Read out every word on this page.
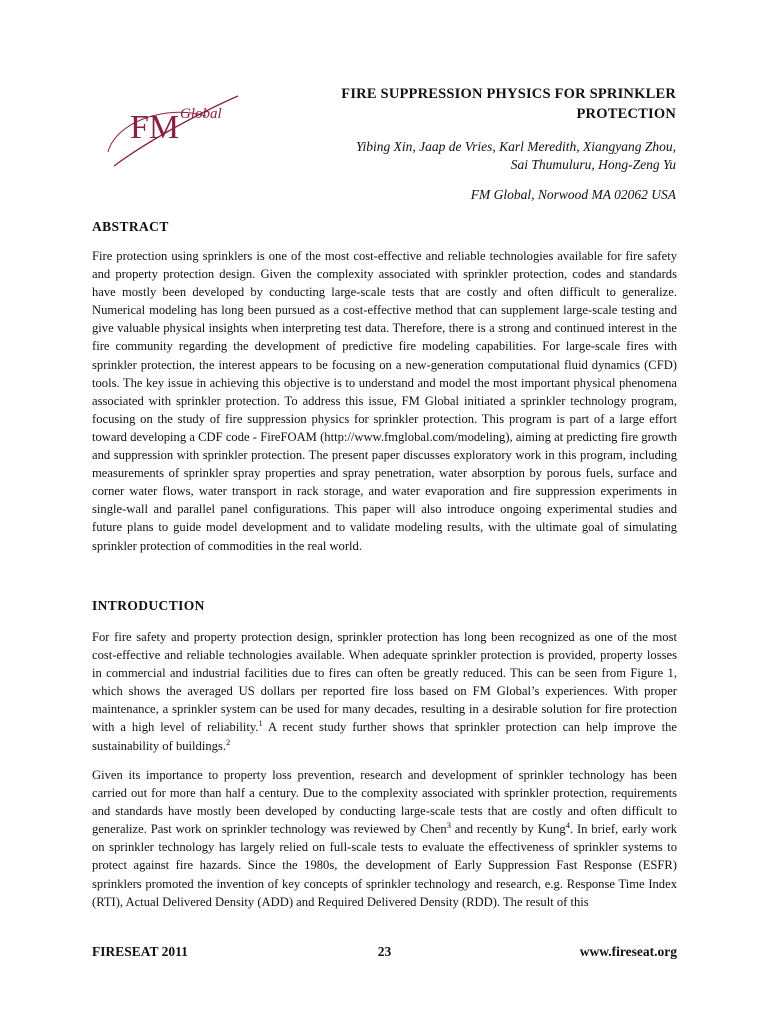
FM Global
FIRE SUPPRESSION PHYSICS FOR SPRINKLER
PROTECTION
Yibing Xin, Jaap de Vries, Karl Meredith, Xiangyang Zhou,
Sai Thumuluru, Hong-Zeng Yu
FM Global, Norwood MA 02062 USA
ABSTRACT

Fire protection using sprinklers is one of the most cost-effective and reliable technologies available for fire safety and property protection design. Given the complexity associated with sprinkler protection, codes and standards have mostly been developed by conducting large-scale tests that are costly and often difficult to generalize. Numerical modeling has long been pursued as a cost-effective method that can supplement large-scale testing and give valuable physical insights when interpreting test data. Therefore, there is a strong and continued interest in the fire community regarding the development of predictive fire modeling capabilities. For large-scale fires with sprinkler protection, the interest appears to be focusing on a new-generation computational fluid dynamics (CFD) tools. The key issue in achieving this objective is to understand and model the most important physical phenomena associated with sprinkler protection. To address this issue, FM Global initiated a sprinkler technology program, focusing on the study of fire suppression physics for sprinkler protection. This program is part of a large effort toward developing a CDF code - FireFOAM (http://www.fmglobal.com/modeling), aiming at predicting fire growth and suppression with sprinkler protection. The present paper discusses exploratory work in this program, including measurements of sprinkler spray properties and spray penetration, water absorption by porous fuels, surface and corner water flows, water transport in rack storage, and water evaporation and fire suppression experiments in single-wall and parallel panel configurations. This paper will also introduce ongoing experimental studies and future plans to guide model development and to validate modeling results, with the ultimate goal of simulating sprinkler protection of commodities in the real world.

INTRODUCTION

For fire safety and property protection design, sprinkler protection has long been recognized as one of the most cost-effective and reliable technologies available. When adequate sprinkler protection is provided, property losses in commercial and industrial facilities due to fires can often be greatly reduced. This can be seen from Figure 1, which shows the averaged US dollars per reported fire loss based on FM Global’s experiences. With proper maintenance, a sprinkler system can be used for many decades, resulting in a desirable solution for fire protection with a high level of reliability.$^1$ A recent study further shows that sprinkler protection can help improve the sustainability of buildings.$^2$

Given its importance to property loss prevention, research and development of sprinkler technology has been carried out for more than half a century. Due to the complexity associated with sprinkler protection, requirements and standards have mostly been developed by conducting large-scale tests that are costly and often difficult to generalize. Past work on sprinkler technology was reviewed by Chen$^3$ and recently by Kung$^4$. In brief, early work on sprinkler technology has largely relied on full-scale tests to evaluate the effectiveness of sprinkler systems to protect against fire hazards. Since the 1980s, the development of Early Suppression Fast Response (ESFR) sprinklers promoted the invention of key concepts of sprinkler technology and research, e.g. Response Time Index (RTI), Actual Delivered Density (ADD) and Required Delivered Density (RDD). The result of this

FIRESEAT 2011	23	www.fireseat.org
